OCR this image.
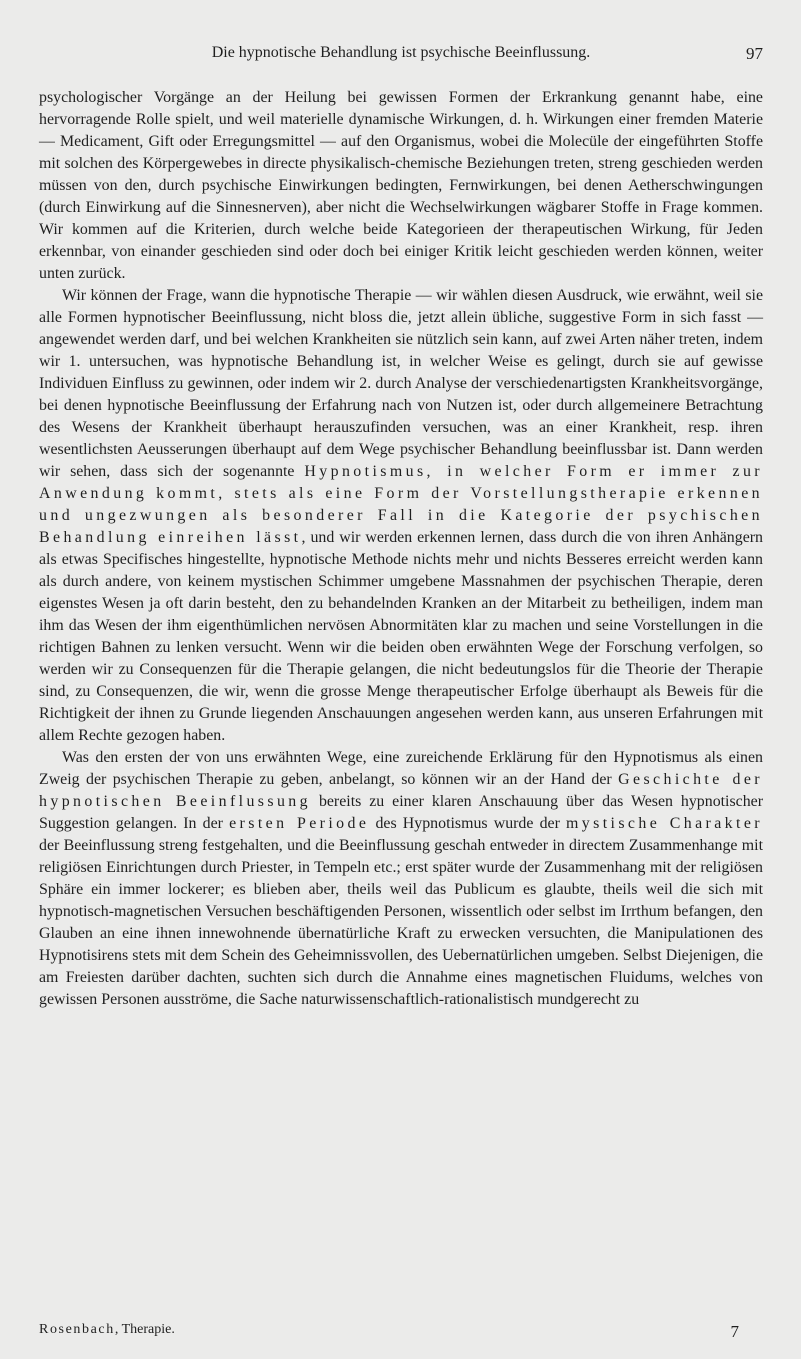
Die hypnotische Behandlung ist psychische Beeinflussung.	97

psychologischer Vorgänge an der Heilung bei gewissen Formen der Erkrankung genannt habe, eine hervorragende Rolle spielt, und weil materielle dynamische Wirkungen, d. h. Wirkungen einer fremden Materie — Medicament, Gift oder Erregungsmittel — auf den Organismus, wobei die Molecüle der eingeführten Stoffe mit solchen des Körpergewebes in directe physikalisch-chemische Beziehungen treten, streng geschieden werden müssen von den, durch psychische Einwirkungen bedingten, Fernwirkungen, bei denen Aetherschwingungen (durch Einwirkung auf die Sinnesnerven), aber nicht die Wechselwirkungen wägbarer Stoffe in Frage kommen. Wir kommen auf die Kriterien, durch welche beide Kategorieen der therapeutischen Wirkung, für Jeden erkennbar, von einander geschieden sind oder doch bei einiger Kritik leicht geschieden werden können, weiter unten zurück.

Wir können der Frage, wann die hypnotische Therapie — wir wählen diesen Ausdruck, wie erwähnt, weil sie alle Formen hypnotischer Beeinflussung, nicht bloss die, jetzt allein übliche, suggestive Form in sich fasst — angewendet werden darf, und bei welchen Krankheiten sie nützlich sein kann, auf zwei Arten näher treten, indem wir 1. untersuchen, was hypnotische Behandlung ist, in welcher Weise es gelingt, durch sie auf gewisse Individuen Einfluss zu gewinnen, oder indem wir 2. durch Analyse der verschiedenartigsten Krankheitsvorgänge, bei denen hypnotische Beeinflussung der Erfahrung nach von Nutzen ist, oder durch allgemeinere Betrachtung des Wesens der Krankheit überhaupt herauszufinden versuchen, was an einer Krankheit, resp. ihren wesentlichsten Aeusserungen überhaupt auf dem Wege psychischer Behandlung beeinflussbar ist. Dann werden wir sehen, dass sich der sogenannte Hypnotismus, in welcher Form er immer zur Anwendung kommt, stets als eine Form der Vorstellungstherapie erkennen und ungezwungen als besonderer Fall in die Kategorie der psychischen Behandlung einreihen lässt, und wir werden erkennen lernen, dass durch die von ihren Anhängern als etwas Specifisches hingestellte, hypnotische Methode nichts mehr und nichts Besseres erreicht werden kann als durch andere, von keinem mystischen Schimmer umgebene Massnahmen der psychischen Therapie, deren eigenstes Wesen ja oft darin besteht, den zu behandelnden Kranken an der Mitarbeit zu betheiligen, indem man ihm das Wesen der ihm eigenthümlichen nervösen Abnormitäten klar zu machen und seine Vorstellungen in die richtigen Bahnen zu lenken versucht. Wenn wir die beiden oben erwähnten Wege der Forschung verfolgen, so werden wir zu Consequenzen für die Therapie gelangen, die nicht bedeutungslos für die Theorie der Therapie sind, zu Consequenzen, die wir, wenn die grosse Menge therapeutischer Erfolge überhaupt als Beweis für die Richtigkeit der ihnen zu Grunde liegenden Anschauungen angesehen werden kann, aus unseren Erfahrungen mit allem Rechte gezogen haben.

Was den ersten der von uns erwähnten Wege, eine zureichende Erklärung für den Hypnotismus als einen Zweig der psychischen Therapie zu geben, anbelangt, so können wir an der Hand der Geschichte der hypnotischen Beeinflussung bereits zu einer klaren Anschauung über das Wesen hypnotischer Suggestion gelangen. In der ersten Periode des Hypnotismus wurde der mystische Charakter der Beeinflussung streng festgehalten, und die Beeinflussung geschah entweder in directem Zusammenhange mit religiösen Einrichtungen durch Priester, in Tempeln etc.; erst später wurde der Zusammenhang mit der religiösen Sphäre ein immer lockerer; es blieben aber, theils weil das Publicum es glaubte, theils weil die sich mit hypnotisch-magnetischen Versuchen beschäftigenden Personen, wissentlich oder selbst im Irrthum befangen, den Glauben an eine ihnen innewohnende übernatürliche Kraft zu erwecken versuchten, die Manipulationen des Hypnotisirens stets mit dem Schein des Geheimnissvollen, des Uebernatürlichen umgeben. Selbst Diejenigen, die am Freiesten darüber dachten, suchten sich durch die Annahme eines magnetischen Fluidums, welches von gewissen Personen ausströme, die Sache naturwissenschaftlich-rationalistisch mundgerecht zu

Rosenbach, Therapie.	7
